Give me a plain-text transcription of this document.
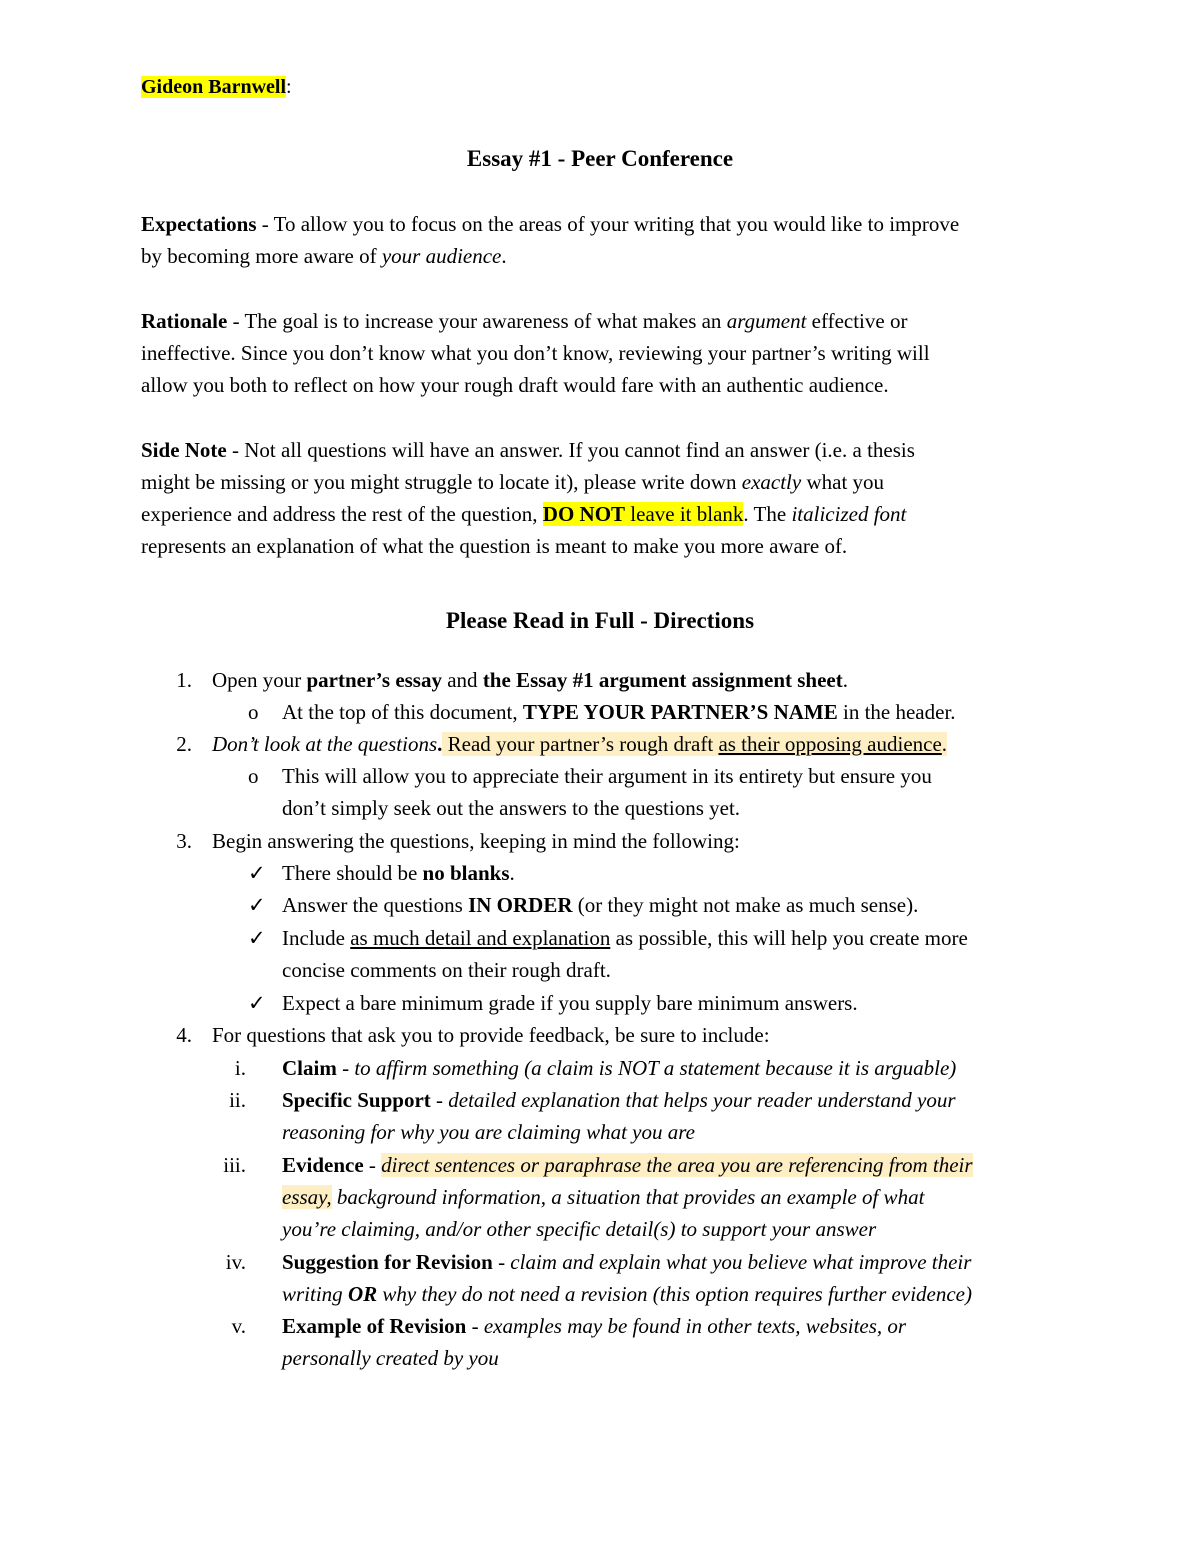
Gideon Barnwell:
Essay #1 - Peer Conference
Expectations - To allow you to focus on the areas of your writing that you would like to improve
by becoming more aware of your audience.
Rationale - The goal is to increase your awareness of what makes an argument effective or
ineffective. Since you don’t know what you don’t know, reviewing your partner’s writing will
allow you both to reflect on how your rough draft would fare with an authentic audience.
Side Note - Not all questions will have an answer. If you cannot find an answer (i.e. a thesis
might be missing or you might struggle to locate it), please write down exactly what you
experience and address the rest of the question, DO NOT leave it blank. The italicized font
represents an explanation of what the question is meant to make you more aware of.
Please Read in Full - Directions
1. Open your partner’s essay and the Essay #1 argument assignment sheet.
o At the top of this document, TYPE YOUR PARTNER’S NAME in the header.
2. Don’t look at the questions. Read your partner’s rough draft as their opposing audience.
o This will allow you to appreciate their argument in its entirety but ensure you
don’t simply seek out the answers to the questions yet.
3. Begin answering the questions, keeping in mind the following:
✓ There should be no blanks.
✓ Answer the questions IN ORDER (or they might not make as much sense).
✓ Include as much detail and explanation as possible, this will help you create more
concise comments on their rough draft.
✓ Expect a bare minimum grade if you supply bare minimum answers.
4. For questions that ask you to provide feedback, be sure to include:
i. Claim - to affirm something (a claim is NOT a statement because it is arguable)
ii. Specific Support - detailed explanation that helps your reader understand your
reasoning for why you are claiming what you are
iii. Evidence - direct sentences or paraphrase the area you are referencing from their
essay, background information, a situation that provides an example of what
you’re claiming, and/or other specific detail(s) to support your answer
iv. Suggestion for Revision - claim and explain what you believe what improve their
writing OR why they do not need a revision (this option requires further evidence)
v. Example of Revision - examples may be found in other texts, websites, or
personally created by you
